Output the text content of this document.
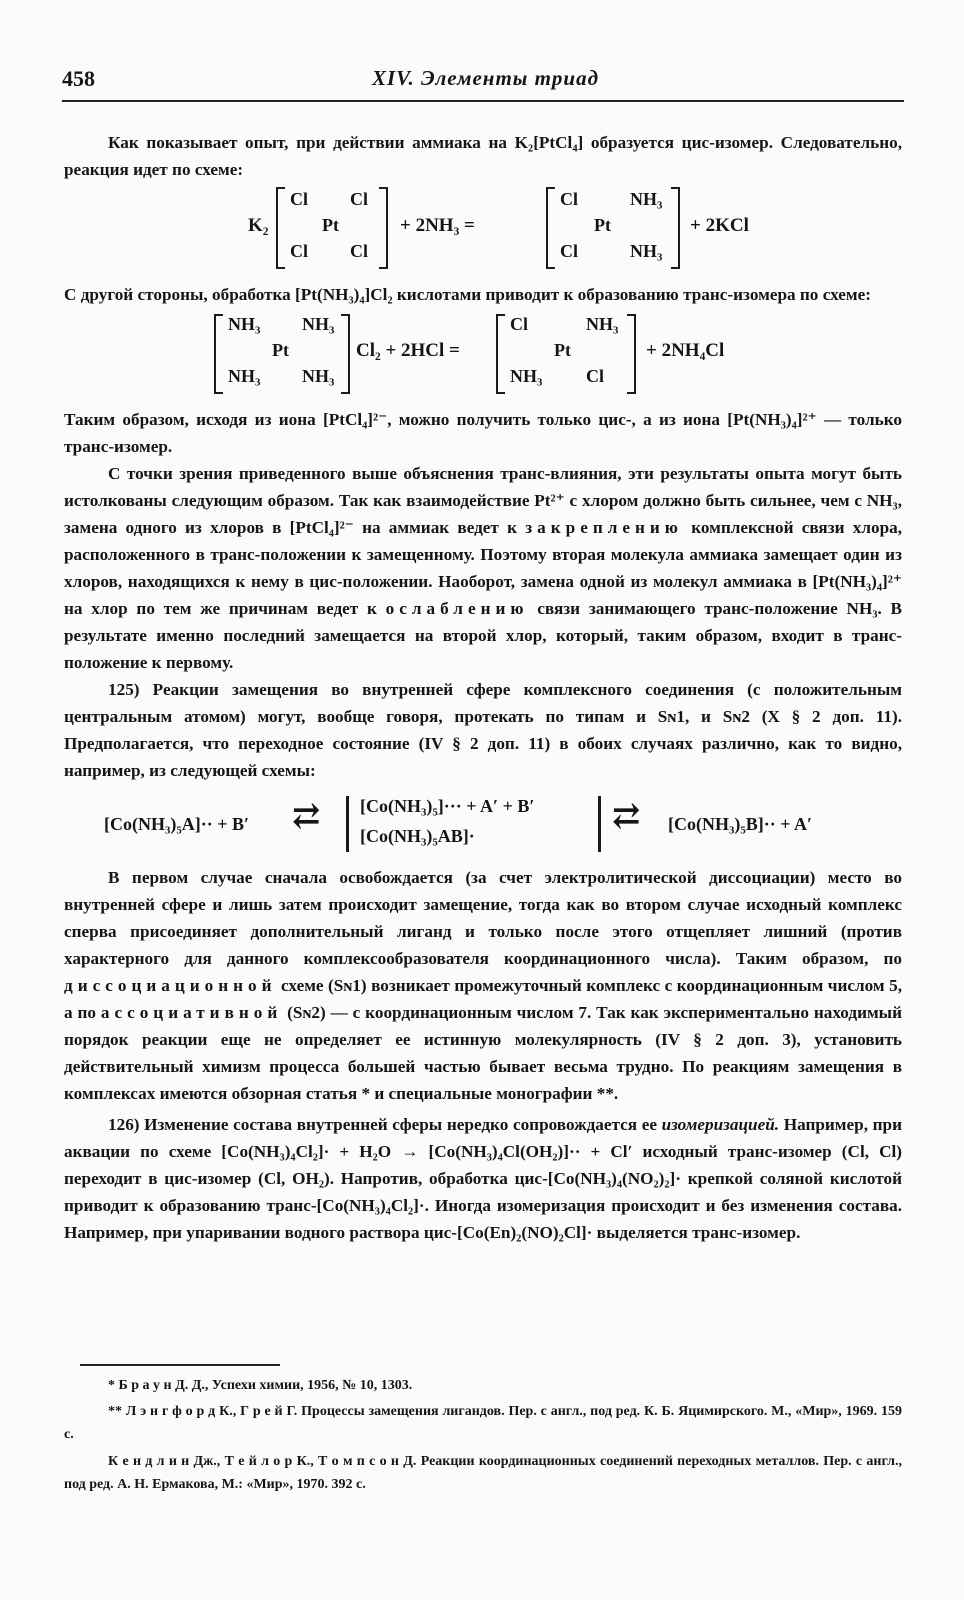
458	XIV. Элементы триад

Как показывает опыт, при действии аммиака на K₂[PtCl₄] образуется цис-изомер. Следовательно, реакция идет по схеме:

K₂
Cl Cl
Pt
Cl Cl
+ 2NH₃ =
Cl	NH₃
Pt
Cl	NH₃
+ 2KCl

С другой стороны, обработка [Pt(NH₃)₄]Cl₂ кислотами приводит к образованию транс-изомера по схеме:

NH₃ NH₃
Pt
NH₃ NH₃
Cl₂ + 2HCl =
Cl	NH₃
Pt
NH₃ Cl
+ 2NH₄Cl

Таким образом, исходя из иона [PtCl₄]²⁻, можно получить только цис-, а из иона [Pt(NH₃)₄]²⁺ — только транс-изомер.

С точки зрения приведенного выше объяснения транс-влияния, эти результаты опыта могут быть истолкованы следующим образом. Так как взаимодействие Pt²⁺ с хлором должно быть сильнее, чем с NH₃, замена одного из хлоров в [PtCl₄]²⁻ на аммиак ведет к закреплению комплексной связи хлора, расположенного в транс-положении к замещенному. Поэтому вторая молекула аммиака замещает один из хлоров, находящихся к нему в цис-положении. Наоборот, замена одной из молекул аммиака в [Pt(NH₃)₄]²⁺ на хлор по тем же причинам ведет к ослаблению связи занимающего транс-положение NH₃. В результате именно последний замещается на второй хлор, который, таким образом, входит в транс-положение к первому.

125) Реакции замещения во внутренней сфере комплексного соединения (с положительным центральным атомом) могут, вообще говоря, протекать по типам и Sɴ1, и Sɴ2 (X § 2 доп. 11). Предполагается, что переходное состояние (IV § 2 доп. 11) в обоих случаях различно, как то видно, например, из следующей схемы:

[Co(NH₃)₅A]·· + B′ ⇄ [Co(NH₃)₅]··· + A′ + B′
[Co(NH₃)₅AB]·
⇄ [Co(NH₃)₅B]·· + A′

В первом случае сначала освобождается (за счет электролитической диссоциации) место во внутренней сфере и лишь затем происходит замещение, тогда как во втором случае исходный комплекс сперва присоединяет дополнительный лиганд и только после этого отщепляет лишний (против характерного для данного комплексообразователя координационного числа). Таким образом, по диссоциационной схеме (Sɴ1) возникает промежуточный комплекс с координационным числом 5, а по ассоциативной (Sɴ2) — с координационным числом 7. Так как экспериментально находимый порядок реакции еще не определяет ее истинную молекулярность (IV § 2 доп. 3), установить действительный химизм процесса большей частью бывает весьма трудно. По реакциям замещения в комплексах имеются обзорная статья * и специальные монографии **.

126) Изменение состава внутренней сферы нередко сопровождается ее изомеризацией. Например, при аквации по схеме [Co(NH₃)₄Cl₂]· + H₂O → [Co(NH₃)₄Cl(OH₂)]·· + Cl′ исходный транс-изомер (Cl, Cl) переходит в цис-изомер (Cl, OH₂). Напротив, обработка цис-[Co(NH₃)₄(NO₂)₂]· крепкой соляной кислотой приводит к образованию транс-[Co(NH₃)₄Cl₂]·. Иногда изомеризация происходит и без изменения состава. Например, при упаривании водного раствора цис-[Co(En)₂(NO)₂Cl]· выделяется транс-изомер.

* Б р а у н Д. Д., Успехи химии, 1956, № 10, 1303.
** Л э н г ф о р д К., Г р е й Г. Процессы замещения лигандов. Пер. с англ., под ред. К. Б. Яцимирского. М., «Мир», 1969. 159 с.
К е н д л и н Дж., Т е й л о р К., Т о м п с о н Д. Реакции координационных соединений переходных металлов. Пер. с англ., под ред. А. Н. Ермакова, М.: «Мир», 1970. 392 с.
